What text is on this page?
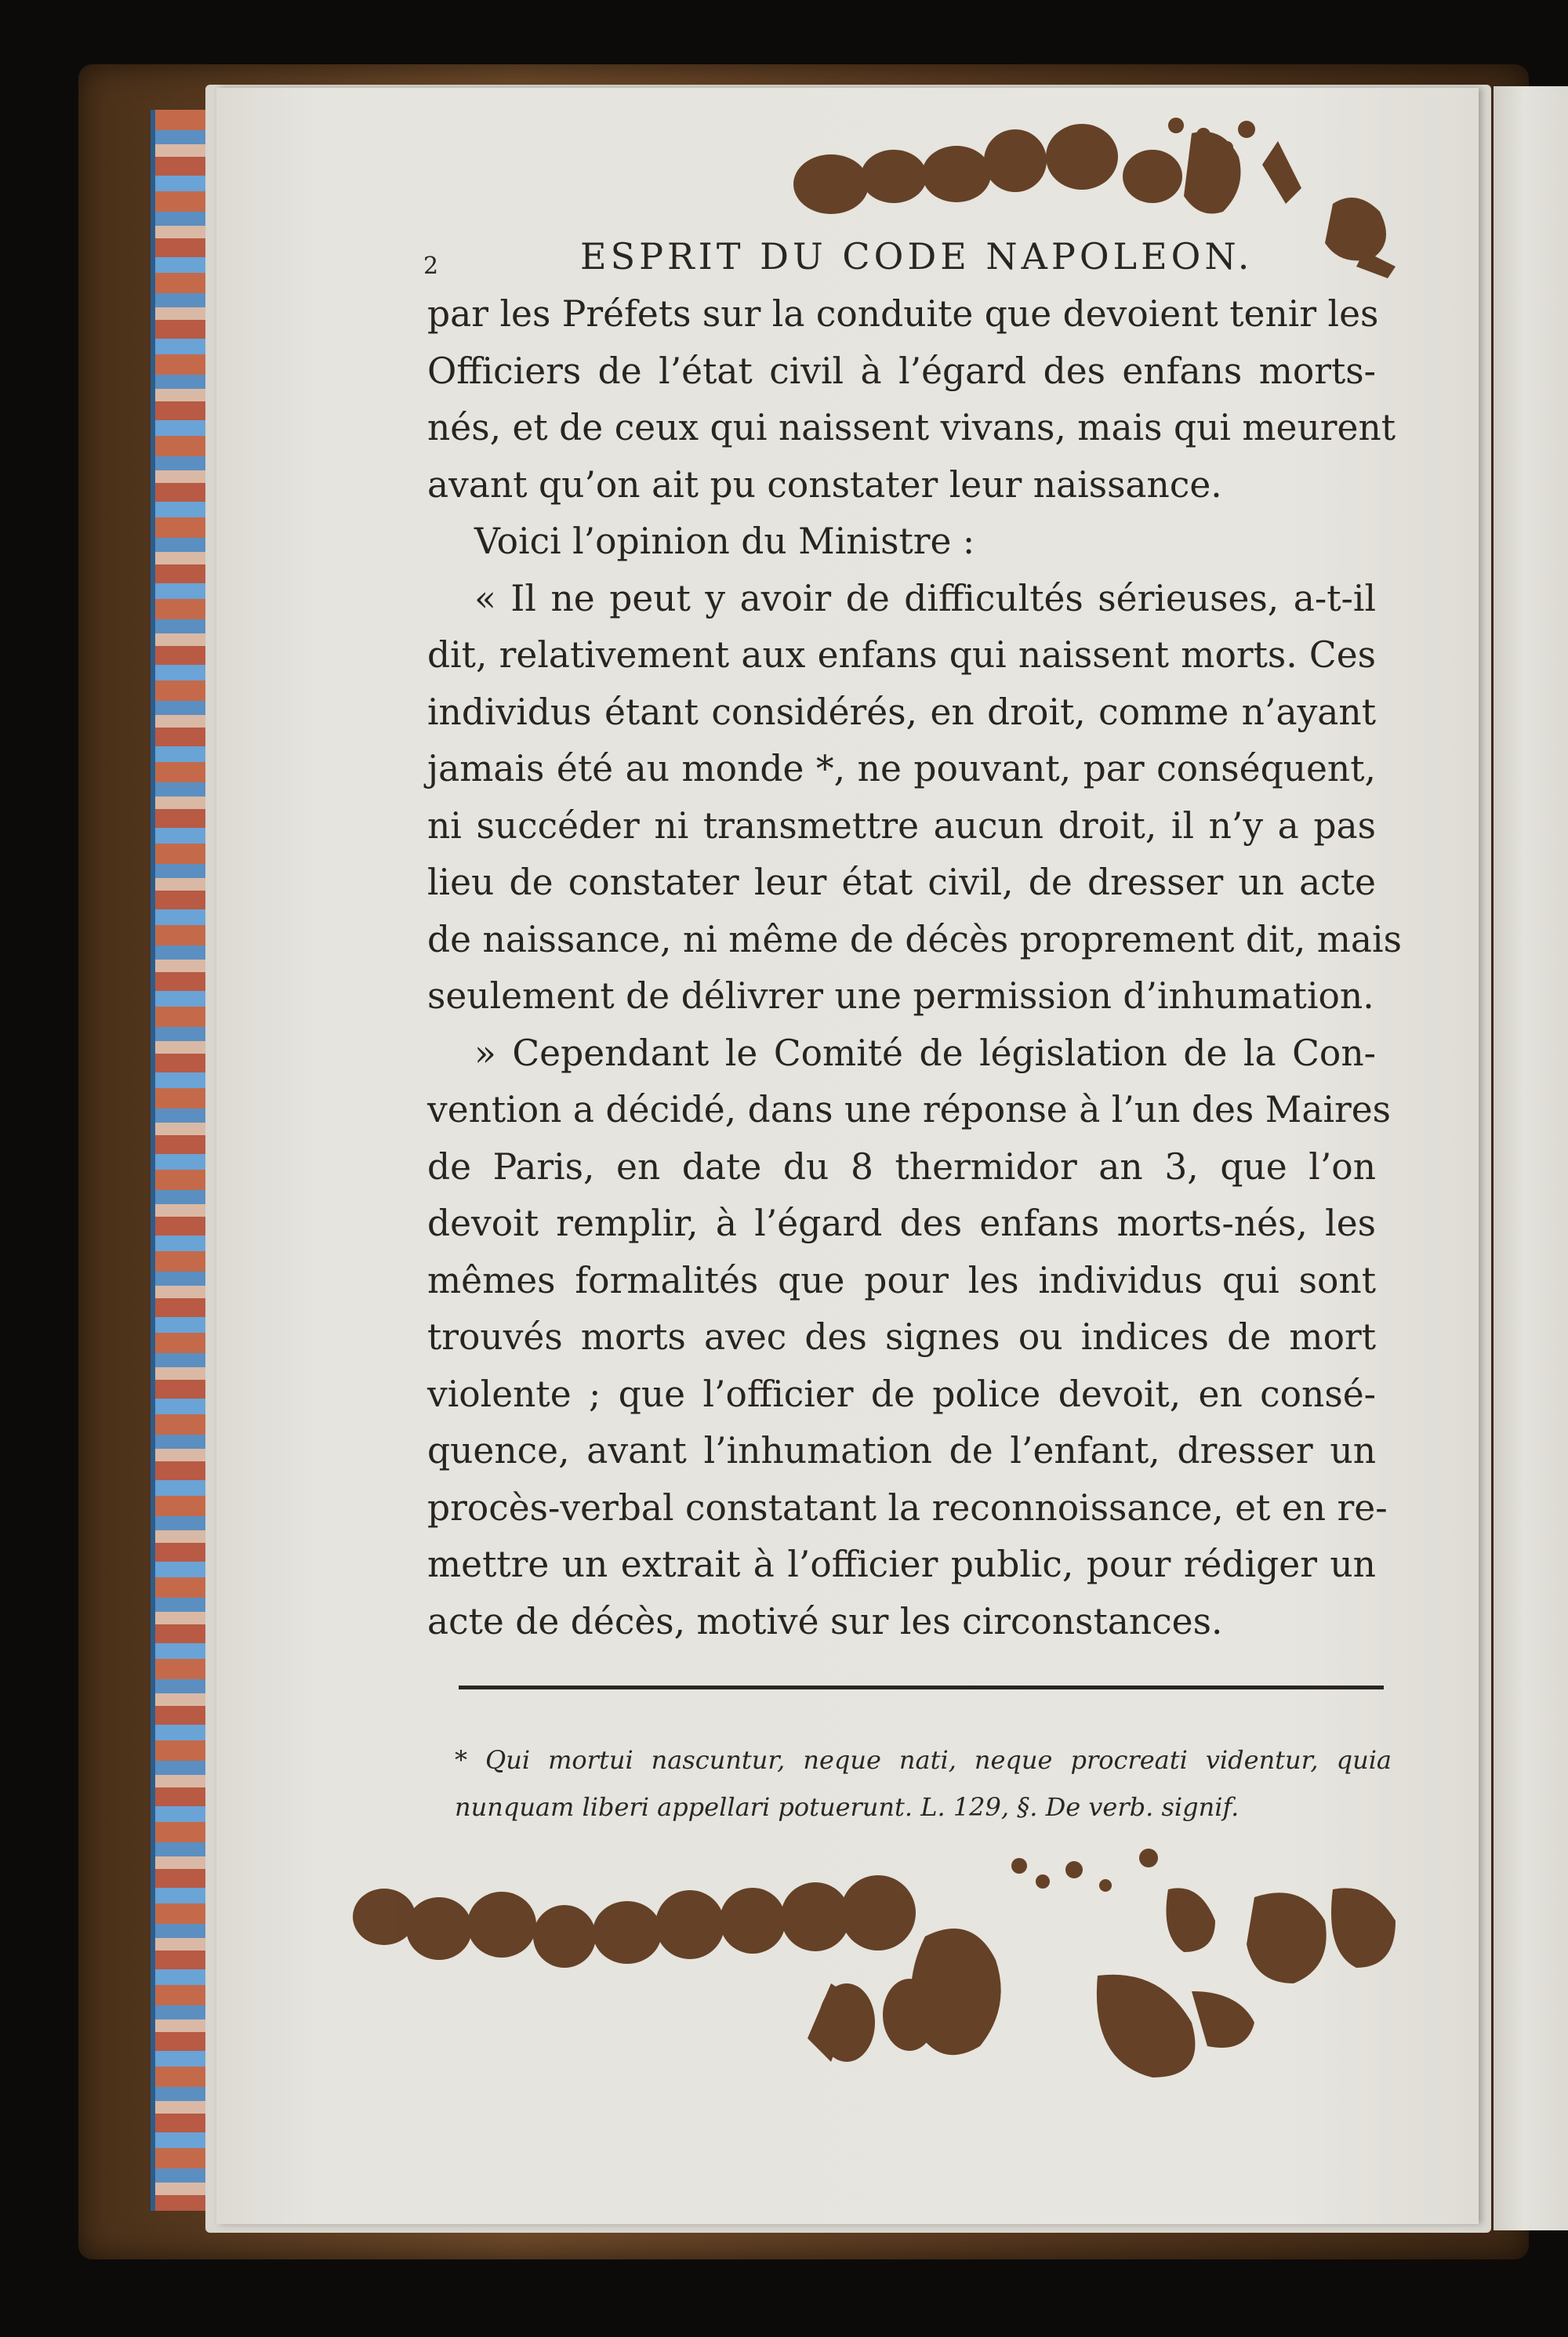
2	ESPRIT DU CODE NAPOLEON.
par les Préfets sur la conduite que devoient tenir les
Officiers de l’état civil à l’égard des enfans morts-
nés, et de ceux qui naissent vivans, mais qui meurent
avant qu’on ait pu constater leur naissance.
Voici l’opinion du Ministre :
« Il ne peut y avoir de difficultés sérieuses, a-t-il
dit, relativement aux enfans qui naissent morts. Ces
individus étant considérés, en droit, comme n’ayant
jamais été au monde *, ne pouvant, par conséquent,
ni succéder ni transmettre aucun droit, il n’y a pas
lieu de constater leur état civil, de dresser un acte
de naissance, ni même de décès proprement dit, mais
seulement de délivrer une permission d’inhumation.
» Cependant le Comité de législation de la Con-
vention a décidé, dans une réponse à l’un des Maires
de Paris, en date du 8 thermidor an 3, que l’on
devoit remplir, à l’égard des enfans morts-nés, les
mêmes formalités que pour les individus qui sont
trouvés morts avec des signes ou indices de mort
violente ; que l’officier de police devoit, en consé-
quence, avant l’inhumation de l’enfant, dresser un
procès-verbal constatant la reconnoissance, et en re-
mettre un extrait à l’officier public, pour rédiger un
acte de décès, motivé sur les circonstances.
* Qui mortui nascuntur, neque nati, neque procreati videntur, quia
nunquam liberi appellari potuerunt. L. 129, §. De verb. signif.
